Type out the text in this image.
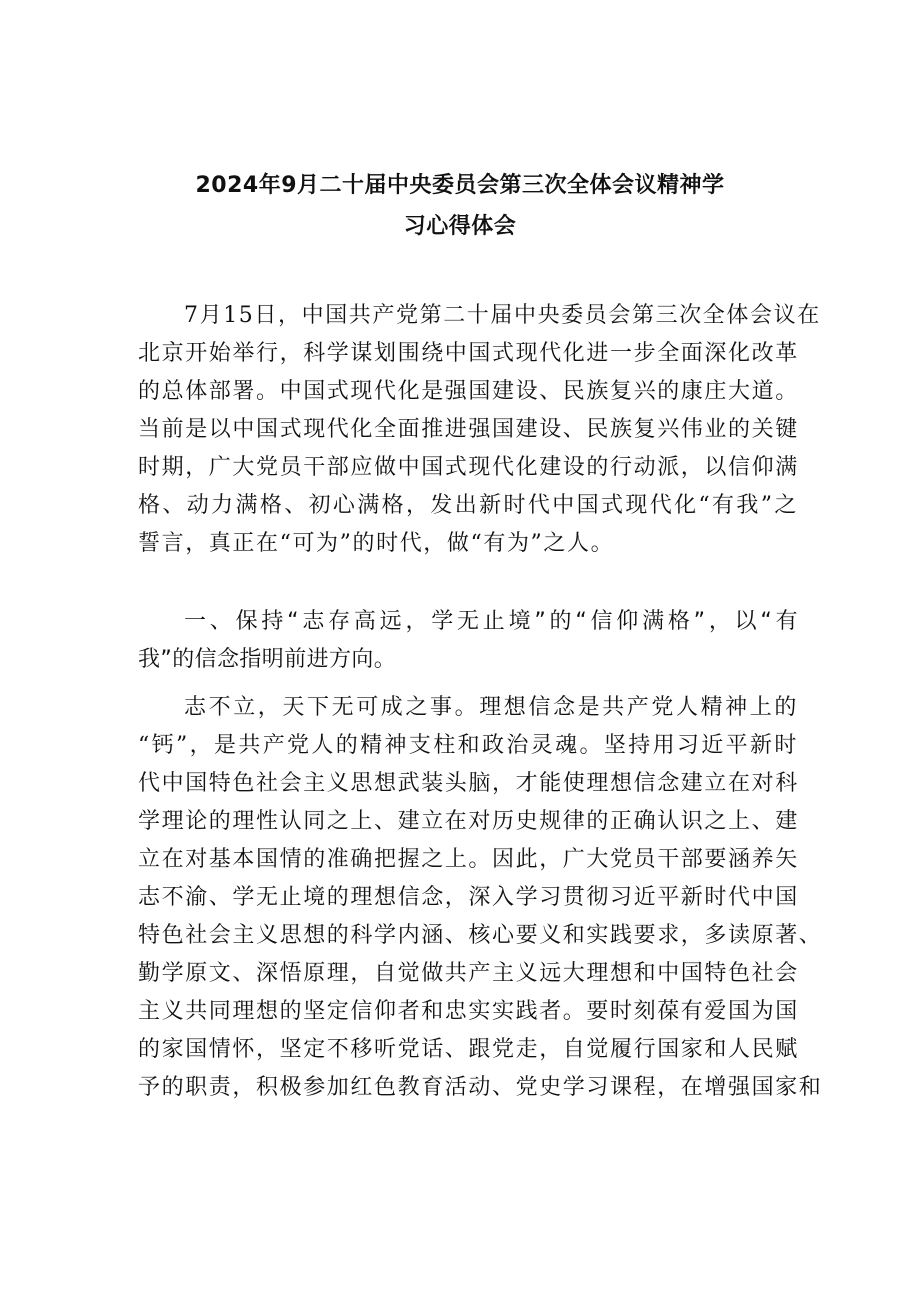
2024年9月二十届中央委员会第三次全体会议精神学
习心得体会
7月15日，中国共产党第二十届中央委员会第三次全体会议在
北京开始举行，科学谋划围绕中国式现代化进一步全面深化改革
的总体部署。中国式现代化是强国建设、民族复兴的康庄大道。
当前是以中国式现代化全面推进强国建设、民族复兴伟业的关键
时期，广大党员干部应做中国式现代化建设的行动派，以信仰满
格、动力满格、初心满格，发出新时代中国式现代化“有我”之
誓言，真正在“可为”的时代，做“有为”之人。
一、保持“志存高远，学无止境”的“信仰满格”，以“有
我”的信念指明前进方向。
志不立，天下无可成之事。理想信念是共产党人精神上的
“钙”，是共产党人的精神支柱和政治灵魂。坚持用习近平新时
代中国特色社会主义思想武装头脑，才能使理想信念建立在对科
学理论的理性认同之上、建立在对历史规律的正确认识之上、建
立在对基本国情的准确把握之上。因此，广大党员干部要涵养矢
志不渝、学无止境的理想信念，深入学习贯彻习近平新时代中国
特色社会主义思想的科学内涵、核心要义和实践要求，多读原著、
勤学原文、深悟原理，自觉做共产主义远大理想和中国特色社会
主义共同理想的坚定信仰者和忠实实践者。要时刻葆有爱国为国
的家国情怀，坚定不移听党话、跟党走，自觉履行国家和人民赋
予的职责，积极参加红色教育活动、党史学习课程，在增强国家和
